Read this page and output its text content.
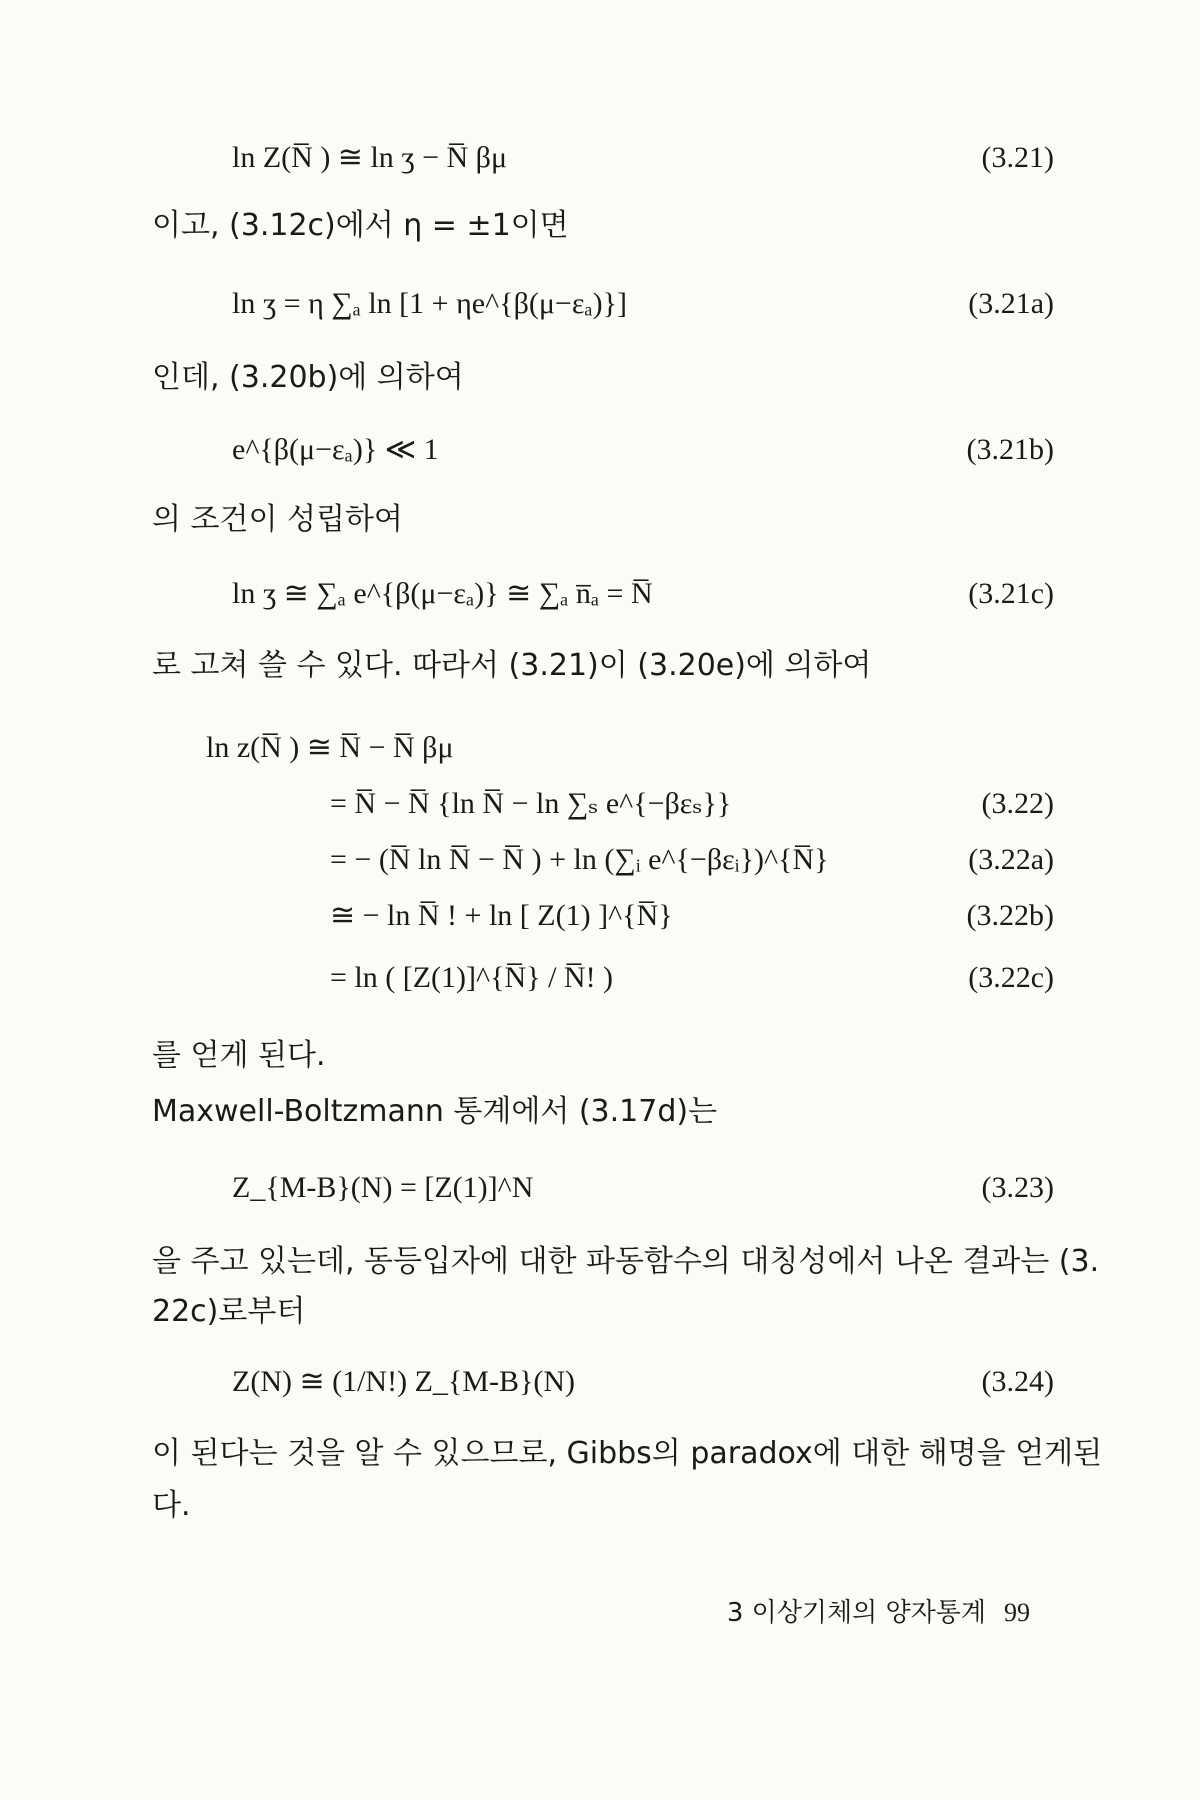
ln Z(N̅ ) ≅ ln ʒ − N̅ βμ	(3.21)
이고, (3.12c)에서 η = ±1이면
ln ʒ = η ∑ₐ ln [1 + ηe^{β(μ−εₐ)}]	(3.21a)
인데, (3.20b)에 의하여
e^{β(μ−εₐ)} ≪ 1	(3.21b)
의 조건이 성립하여
ln ʒ ≅ ∑ₐ e^{β(μ−εₐ)} ≅ ∑ₐ n̅ₐ = N̅	(3.21c)
로 고쳐 쓸 수 있다. 따라서 (3.21)이 (3.20e)에 의하여
ln z(N̅ ) ≅ N̅ − N̅ βμ
= N̅ − N̅ {ln N̅ − ln ∑ₛ e^{−βεₛ}}	(3.22)
= − (N̅ ln N̅ − N̅ ) + ln (∑ᵢ e^{−βεᵢ})^{N̅}	(3.22a)
≅ − ln N̅ ! + ln [ Z(1) ]^{N̅}	(3.22b)
= ln ( [Z(1)]^{N̅} / N̅! )	(3.22c)
를 얻게 된다.
Maxwell-Boltzmann 통계에서 (3.17d)는
Z_{M-B}(N) = [Z(1)]^N	(3.23)
을 주고 있는데, 동등입자에 대한 파동함수의 대칭성에서 나온 결과는 (3.
22c)로부터
Z(N) ≅ (1/N!) Z_{M-B}(N)	(3.24)
이 된다는 것을 알 수 있으므로, Gibbs의 paradox에 대한 해명을 얻게된
다.
3 이상기체의 양자통계 99
